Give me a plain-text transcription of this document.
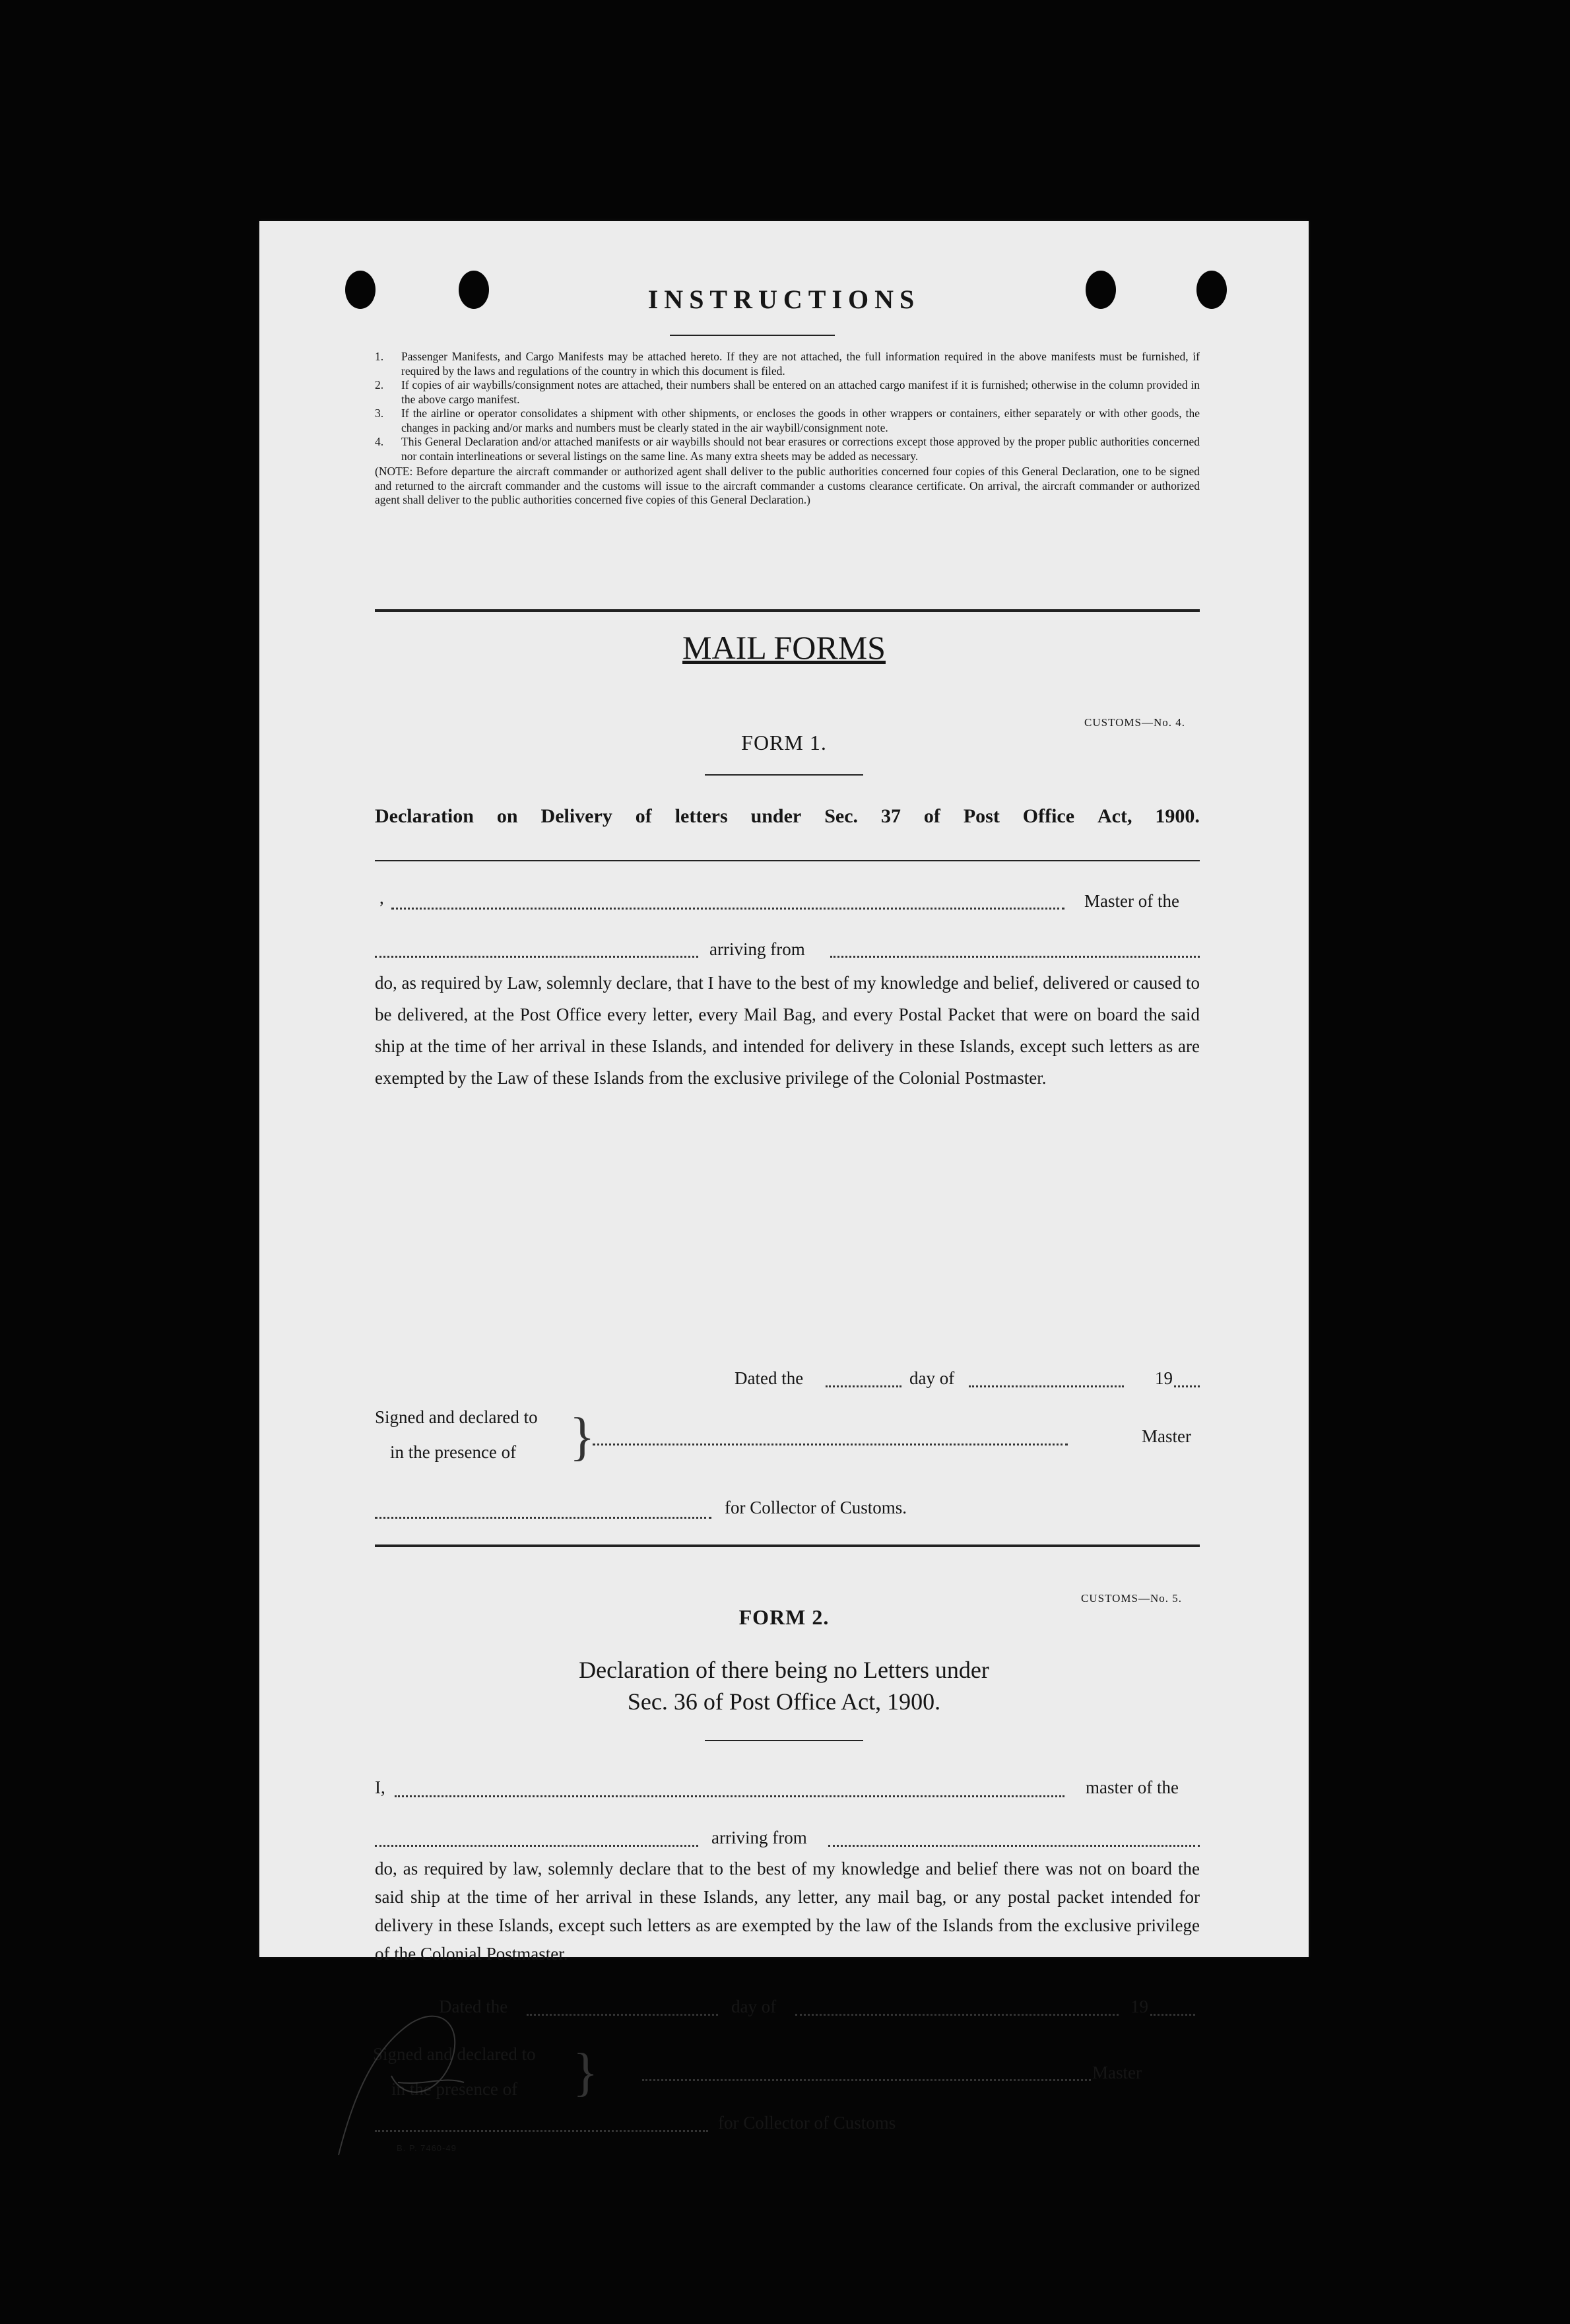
INSTRUCTIONS
1.	Passenger Manifests, and Cargo Manifests may be attached hereto. If they are not attached, the full information required in the above manifests must be furnished, if required by the laws and regulations of the country in which this document is filed.
2.	If copies of air waybills/consignment notes are attached, their numbers shall be entered on an attached cargo manifest if it is furnished; otherwise in the column provided in the above cargo manifest.
3.	If the airline or operator consolidates a shipment with other shipments, or encloses the goods in other wrappers or containers, either separately or with other goods, the changes in packing and/or marks and numbers must be clearly stated in the air waybill/consignment note.
4.	This General Declaration and/or attached manifests or air waybills should not bear erasures or corrections except those approved by the proper public authorities concerned nor contain interlineations or several listings on the same line. As many extra sheets may be added as necessary.
(NOTE: Before departure the aircraft commander or authorized agent shall deliver to the public authorities concerned four copies of this General Declaration, one to be signed and returned to the aircraft commander and the customs will issue to the aircraft commander a customs clearance certificate. On arrival, the aircraft commander or authorized agent shall deliver to the public authorities concerned five copies of this General Declaration.)
MAIL FORMS
CUSTOMS—No. 4.
FORM 1.
Declaration on Delivery of letters under Sec. 37 of Post Office Act, 1900.
,	Master of the
arriving from
do, as required by Law, solemnly declare, that I have to the best of my knowledge and belief, delivered or caused to be delivered, at the Post Office every letter, every Mail Bag, and every Postal Packet that were on board the said ship at the time of her arrival in these Islands, and intended for delivery in these Islands, except such letters as are exempted by the Law of these Islands from the exclusive privilege of the Colonial Postmaster.
Dated the	day of	19
Signed and declared to
in the presence of }	Master
for Collector of Customs.
CUSTOMS—No. 5.
FORM 2.
Declaration of there being no Letters under
Sec. 36 of Post Office Act, 1900.
I,	master of the
arriving from
do, as required by law, solemnly declare that to the best of my knowledge and belief there was not on board the said ship at the time of her arrival in these Islands, any letter, any mail bag, or any postal packet intended for delivery in these Islands, except such letters as are exempted by the law of the Islands from the exclusive privilege of the Colonial Postmaster.
Dated the	day of	19
Signed and declared to
in the presence of }	Master
for Collector of Customs
B. P. 7460-49
